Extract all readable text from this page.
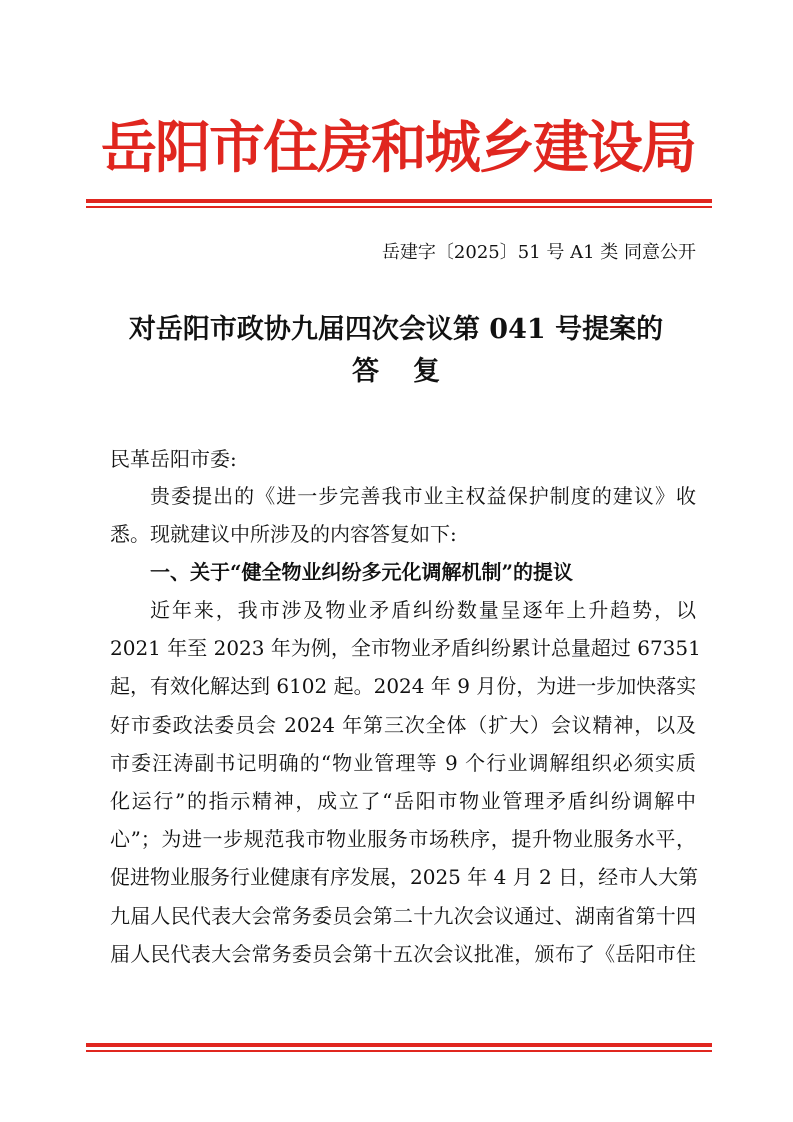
岳阳市住房和城乡建设局
岳建字〔2025〕51 号 A1 类 同意公开
对岳阳市政协九届四次会议第 041 号提案的
答复
民革岳阳市委:
贵委提出的《进一步完善我市业主权益保护制度的建议》收
悉。现就建议中所涉及的内容答复如下:
一、关于“健全物业纠纷多元化调解机制”的提议
近年来，我市涉及物业矛盾纠纷数量呈逐年上升趋势，以
2021 年至 2023 年为例，全市物业矛盾纠纷累计总量超过 67351
起，有效化解达到 6102 起。2024 年 9 月份，为进一步加快落实
好市委政法委员会 2024 年第三次全体（扩大）会议精神，以及
市委汪涛副书记明确的“物业管理等 9 个行业调解组织必须实质
化运行”的指示精神，成立了“岳阳市物业管理矛盾纠纷调解中
心”；为进一步规范我市物业服务市场秩序，提升物业服务水平，
促进物业服务行业健康有序发展，2025 年 4 月 2 日，经市人大第
九届人民代表大会常务委员会第二十九次会议通过、湖南省第十四
届人民代表大会常务委员会第十五次会议批准，颁布了《岳阳市住
